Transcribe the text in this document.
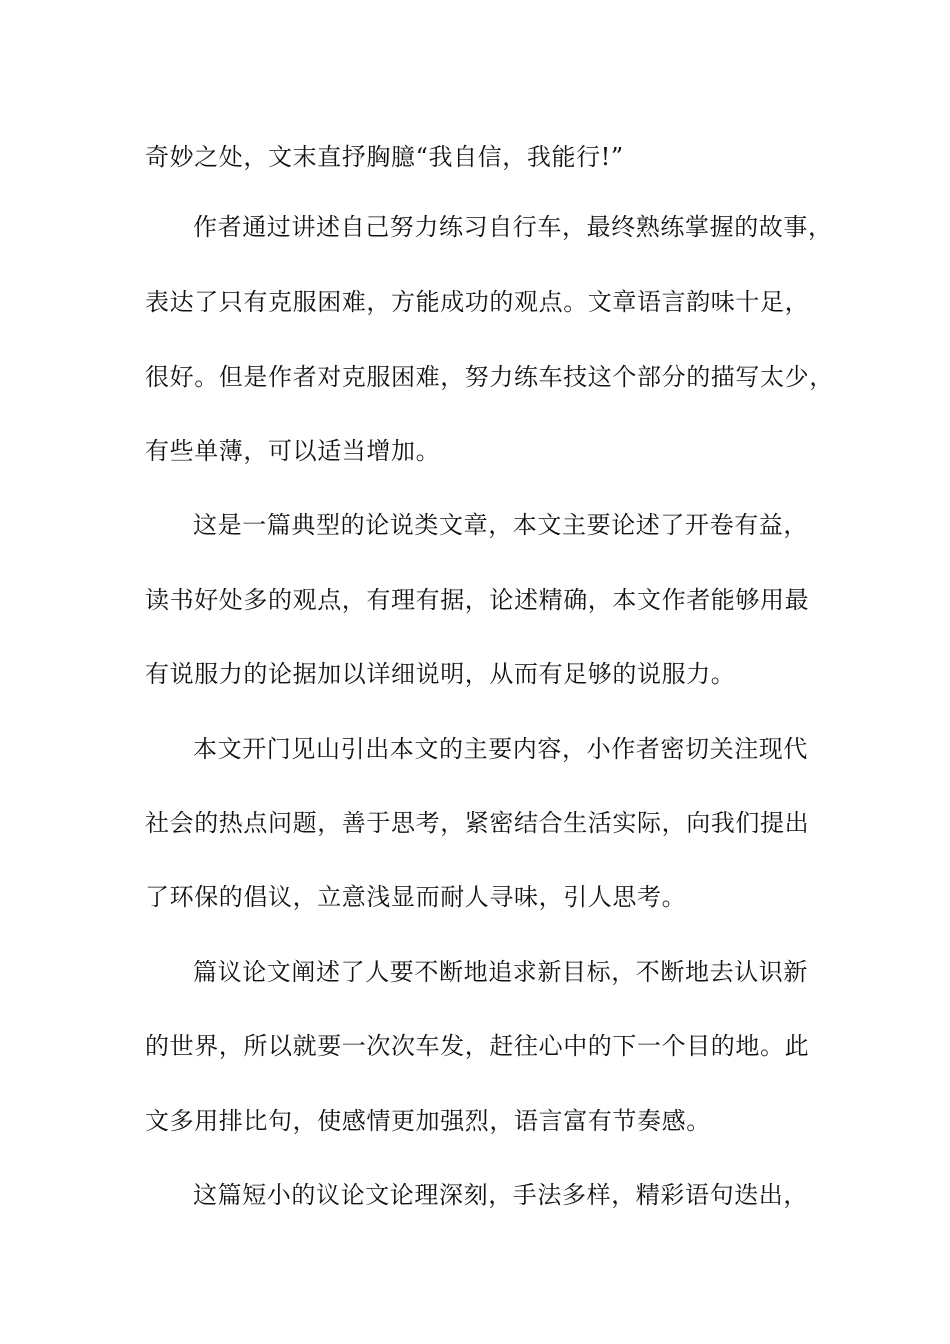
奇妙之处，文末直抒胸臆“我自信，我能行!”
作者通过讲述自己努力练习自行车，最终熟练掌握的故事，
表达了只有克服困难，方能成功的观点。文章语言韵味十足，
很好。但是作者对克服困难，努力练车技这个部分的描写太少，
有些单薄，可以适当增加。
这是一篇典型的论说类文章，本文主要论述了开卷有益，
读书好处多的观点，有理有据，论述精确，本文作者能够用最
有说服力的论据加以详细说明，从而有足够的说服力。
本文开门见山引出本文的主要内容，小作者密切关注现代
社会的热点问题，善于思考，紧密结合生活实际，向我们提出
了环保的倡议，立意浅显而耐人寻味，引人思考。
篇议论文阐述了人要不断地追求新目标，不断地去认识新
的世界，所以就要一次次车发，赶往心中的下一个目的地。此
文多用排比句，使感情更加强烈，语言富有节奏感。
这篇短小的议论文论理深刻，手法多样，精彩语句迭出，
